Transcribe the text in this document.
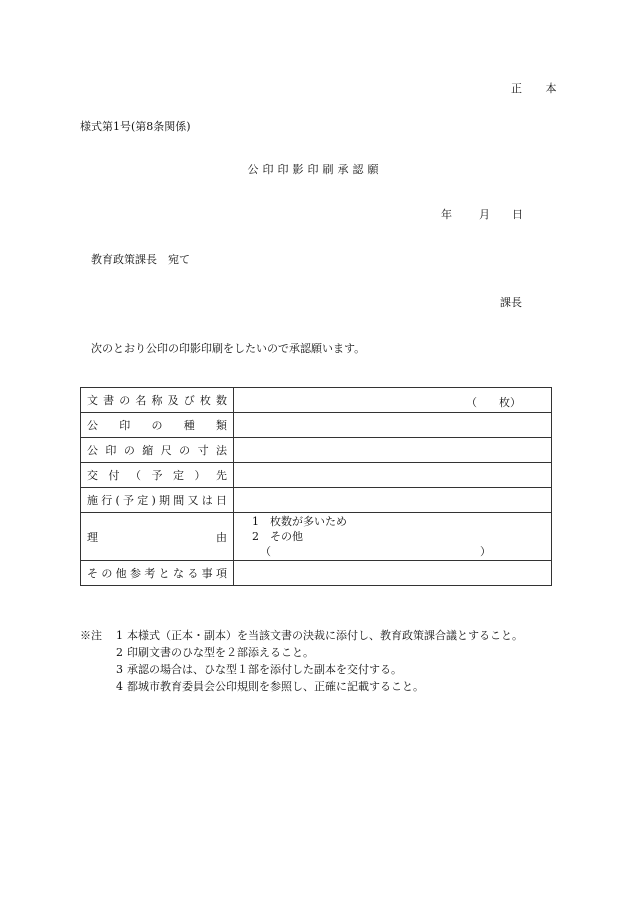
正 本
様式第1号(第8条関係)
公印印影印刷承認願
年 月 日
教育政策課長　宛て
課長
次のとおり公印の印影印刷をしたいので承認願います。
文書の名称及び枚数	（　　枚）

公　印　の　種　類	
公印の縮尺の寸法	
交付（予定）先	
施行(予定)期間又は日	
理　　　　　　　　由	1　枚数が多いため
2　その他
（　　　　　　　　　　　　　　　　　　　）

その他参考となる事項	
※注 1 本様式（正本・副本）を当該文書の決裁に添付し、教育政策課合議とすること。
2 印刷文書のひな型を２部添えること。
3 承認の場合は、ひな型１部を添付した副本を交付する。
4 都城市教育委員会公印規則を参照し、正確に記載すること。
